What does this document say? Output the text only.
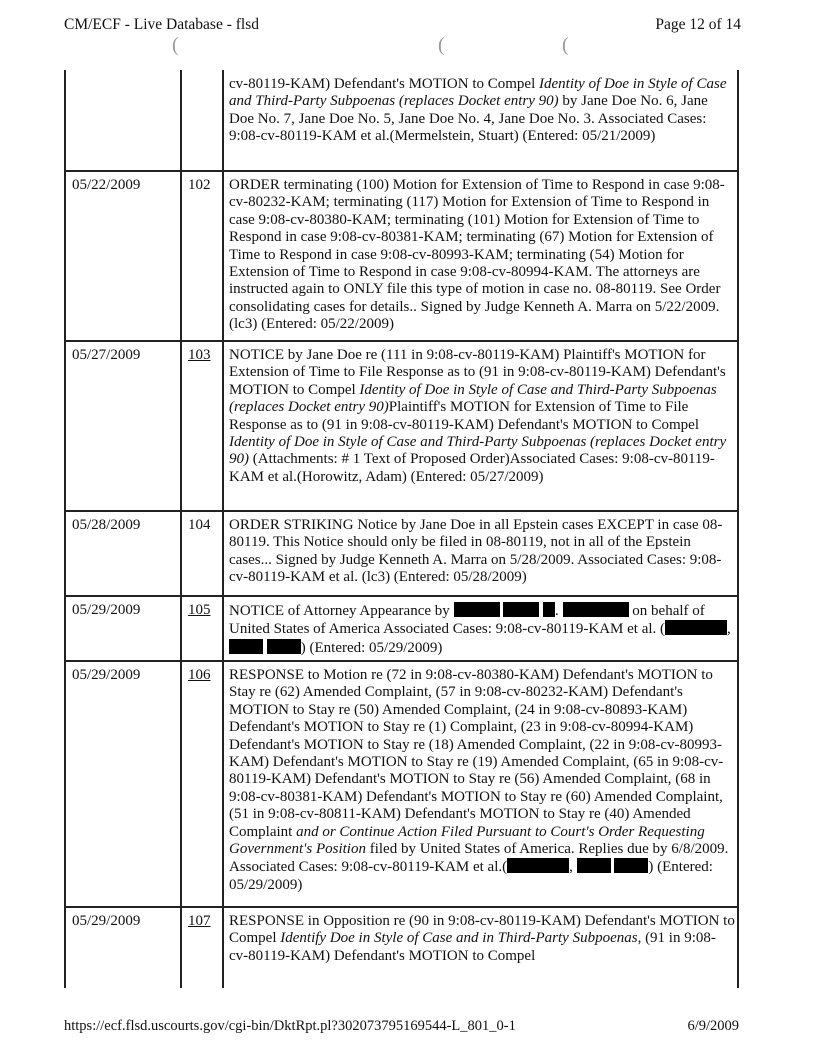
CM/ECF - Live Database - flsd	Page 12 of 14
(	(	(
cv-80119-KAM) Defendant's MOTION to Compel Identity of Doe in Style of Case and Third-Party Subpoenas (replaces Docket entry 90) by Jane Doe No. 6, Jane Doe No. 7, Jane Doe No. 5, Jane Doe No. 4, Jane Doe No. 3. Associated Cases: 9:08-cv-80119-KAM et al.(Mermelstein, Stuart) (Entered: 05/21/2009)
05/22/2009	102 ORDER terminating (100) Motion for Extension of Time to Respond in case 9:08-cv-80232-KAM; terminating (117) Motion for Extension of Time to Respond in case 9:08-cv-80380-KAM; terminating (101) Motion for Extension of Time to Respond in case 9:08-cv-80381-KAM; terminating (67) Motion for Extension of Time to Respond in case 9:08-cv-80993-KAM; terminating (54) Motion for Extension of Time to Respond in case 9:08-cv-80994-KAM. The attorneys are instructed again to ONLY file this type of motion in case no. 08-80119. See Order consolidating cases for details.. Signed by Judge Kenneth A. Marra on 5/22/2009. (lc3) (Entered: 05/22/2009)
05/27/2009	103 NOTICE by Jane Doe re (111 in 9:08-cv-80119-KAM) Plaintiff's MOTION for Extension of Time to File Response as to (91 in 9:08-cv-80119-KAM) Defendant's MOTION to Compel Identity of Doe in Style of Case and Third-Party Subpoenas (replaces Docket entry 90)Plaintiff's MOTION for Extension of Time to File Response as to (91 in 9:08-cv-80119-KAM) Defendant's MOTION to Compel Identity of Doe in Style of Case and Third-Party Subpoenas (replaces Docket entry 90) (Attachments: # 1 Text of Proposed Order)Associated Cases: 9:08-cv-80119-KAM et al.(Horowitz, Adam) (Entered: 05/27/2009)
05/28/2009	104 ORDER STRIKING Notice by Jane Doe in all Epstein cases EXCEPT in case 08-80119. This Notice should only be filed in 08-80119, not in all of the Epstein cases... Signed by Judge Kenneth A. Marra on 5/28/2009. Associated Cases: 9:08-cv-80119-KAM et al. (lc3) (Entered: 05/28/2009)
05/29/2009	105 NOTICE of Attorney Appearance by	.	on behalf of United States of America Associated Cases: 9:08-cv-80119-KAM et al. (	,  ) (Entered: 05/29/2009)
05/29/2009	106 RESPONSE to Motion re (72 in 9:08-cv-80380-KAM) Defendant's MOTION to Stay re (62) Amended Complaint, (57 in 9:08-cv-80232-KAM) Defendant's MOTION to Stay re (50) Amended Complaint, (24 in 9:08-cv-80893-KAM) Defendant's MOTION to Stay re (1) Complaint, (23 in 9:08-cv-80994-KAM) Defendant's MOTION to Stay re (18) Amended Complaint, (22 in 9:08-cv-80993-KAM) Defendant's MOTION to Stay re (19) Amended Complaint, (65 in 9:08-cv-80119-KAM) Defendant's MOTION to Stay re (56) Amended Complaint, (68 in 9:08-cv-80381-KAM) Defendant's MOTION to Stay re (60) Amended Complaint, (51 in 9:08-cv-80811-KAM) Defendant's MOTION to Stay re (40) Amended Complaint and or Continue Action Filed Pursuant to Court's Order Requesting Government's Position filed by United States of America. Replies due by 6/8/2009. Associated Cases: 9:08-cv-80119-KAM et al.(	,	) (Entered: 05/29/2009)
05/29/2009	107 RESPONSE in Opposition re (90 in 9:08-cv-80119-KAM) Defendant's MOTION to Compel Identify Doe in Style of Case and in Third-Party Subpoenas, (91 in 9:08-cv-80119-KAM) Defendant's MOTION to Compel
https://ecf.flsd.uscourts.gov/cgi-bin/DktRpt.pl?302073795169544-L_801_0-1	6/9/2009
